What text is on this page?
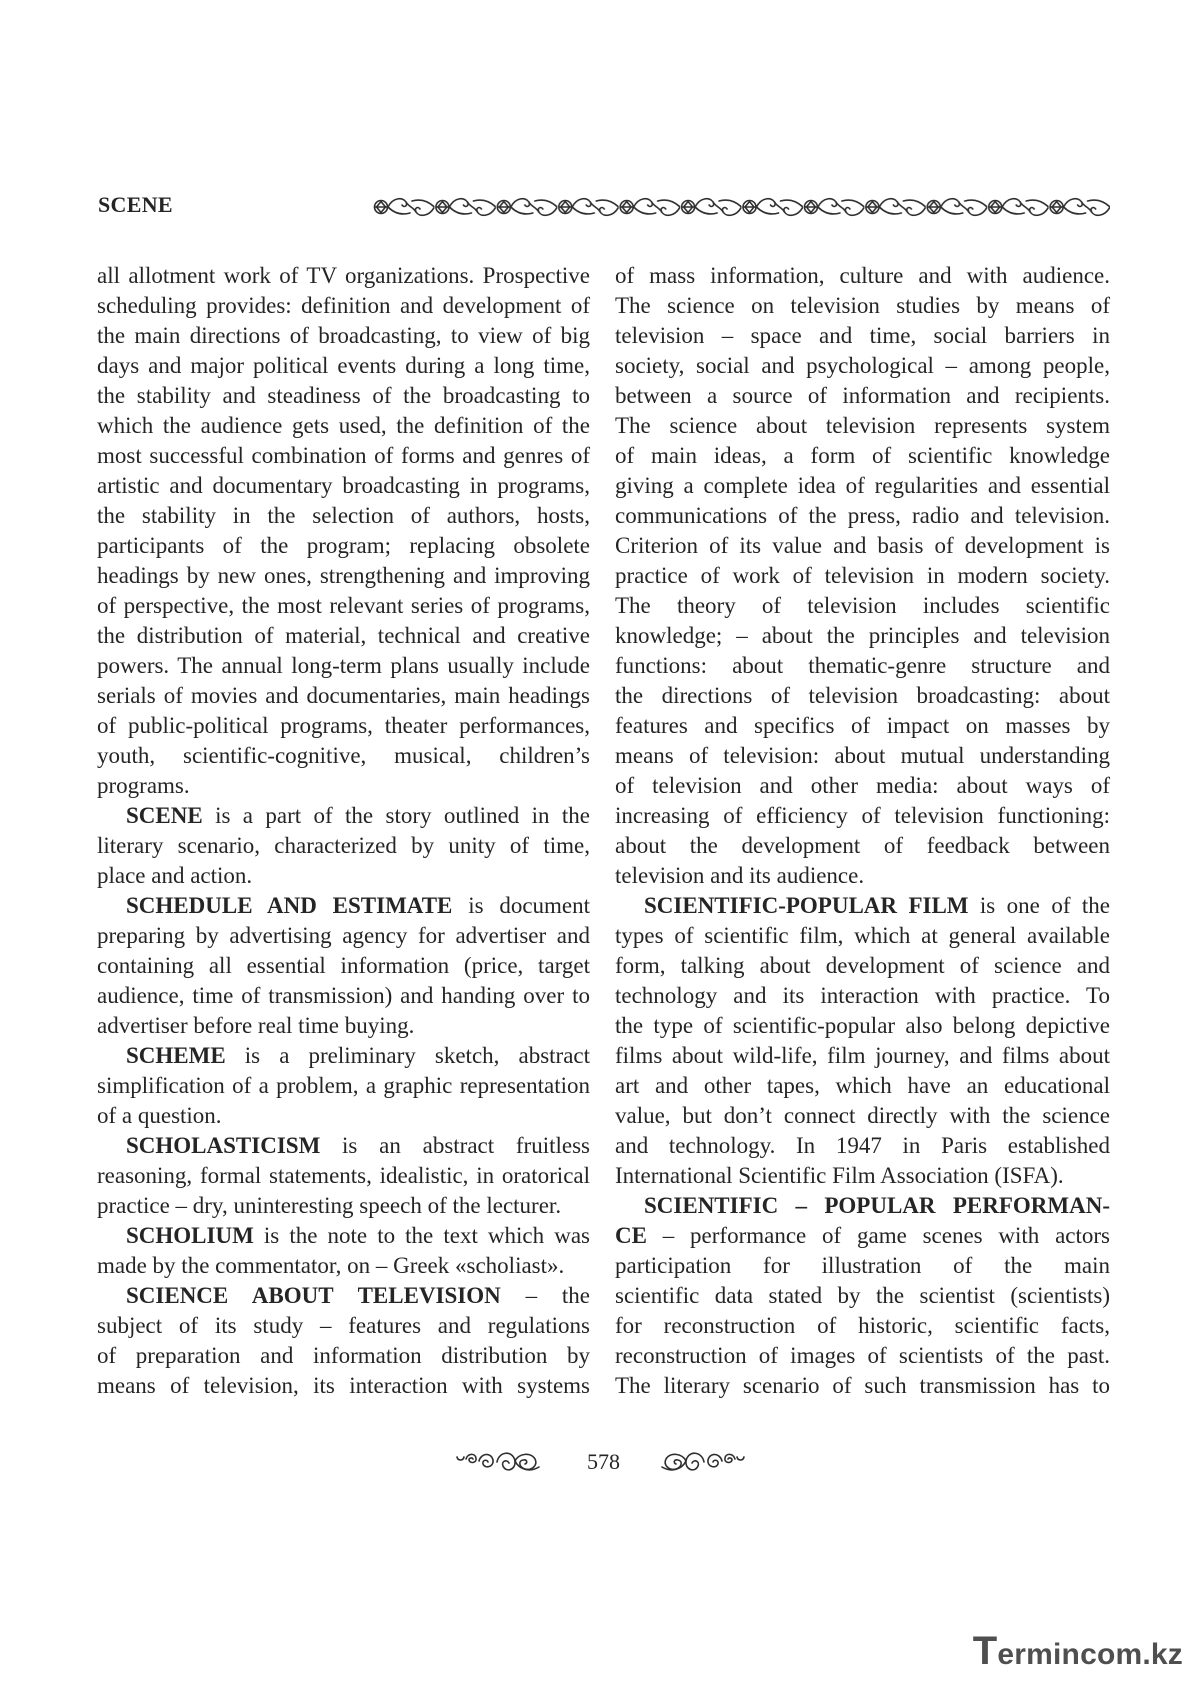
SCENE
all allotment work of TV organizations. Prospective
scheduling provides: definition and development of
the main directions of broadcasting, to view of big
days and major political events during a long time,
the stability and steadiness of the broadcasting to
which the audience gets used, the definition of the
most successful combination of forms and genres of
artistic and documentary broadcasting in programs,
the stability in the selection of authors, hosts,
participants of the program; replacing obsolete
headings by new ones, strengthening and improving
of perspective, the most relevant series of programs,
the distribution of material, technical and creative
powers. The annual long-term plans usually include
serials of movies and documentaries, main headings
of public-political programs, theater performances,
youth, scientific-cognitive, musical, children’s
programs.
SCENE is a part of the story outlined in the
literary scenario, characterized by unity of time,
place and action.
SCHEDULE AND ESTIMATE is document
preparing by advertising agency for advertiser and
containing all essential information (price, target
audience, time of transmission) and handing over to
advertiser before real time buying.
SCHEME is a preliminary sketch, abstract
simplification of a problem, a graphic representation
of a question.
SCHOLASTICISM is an abstract fruitless
reasoning, formal statements, idealistic, in oratorical
practice – dry, uninteresting speech of the lecturer.
SCHOLIUM is the note to the text which was
made by the commentator, on – Greek «scholiast».
SCIENCE ABOUT TELEVISION – the
subject of its study – features and regulations
of preparation and information distribution by
means of television, its interaction with systems
of mass information, culture and with audience.
The science on television studies by means of
television – space and time, social barriers in
society, social and psychological – among people,
between a source of information and recipients.
The science about television represents system
of main ideas, a form of scientific knowledge
giving a complete idea of regularities and essential
communications of the press, radio and television.
Criterion of its value and basis of development is
practice of work of television in modern society.
The theory of television includes scientific
knowledge; – about the principles and television
functions: about thematic-genre structure and
the directions of television broadcasting: about
features and specifics of impact on masses by
means of television: about mutual understanding
of television and other media: about ways of
increasing of efficiency of television functioning:
about the development of feedback between
television and its audience.
SCIENTIFIC-POPULAR FILM is one of the
types of scientific film, which at general available
form, talking about development of science and
technology and its interaction with practice. To
the type of scientific-popular also belong depictive
films about wild-life, film journey, and films about
art and other tapes, which have an educational
value, but don’t connect directly with the science
and technology. In 1947 in Paris established
International Scientific Film Association (ISFA).
SCIENTIFIC – POPULAR PERFORMAN-
CE – performance of game scenes with actors
participation for illustration of the main
scientific data stated by the scientist (scientists)
for reconstruction of historic, scientific facts,
reconstruction of images of scientists of the past.
The literary scenario of such transmission has to
578
Termincom.kz
